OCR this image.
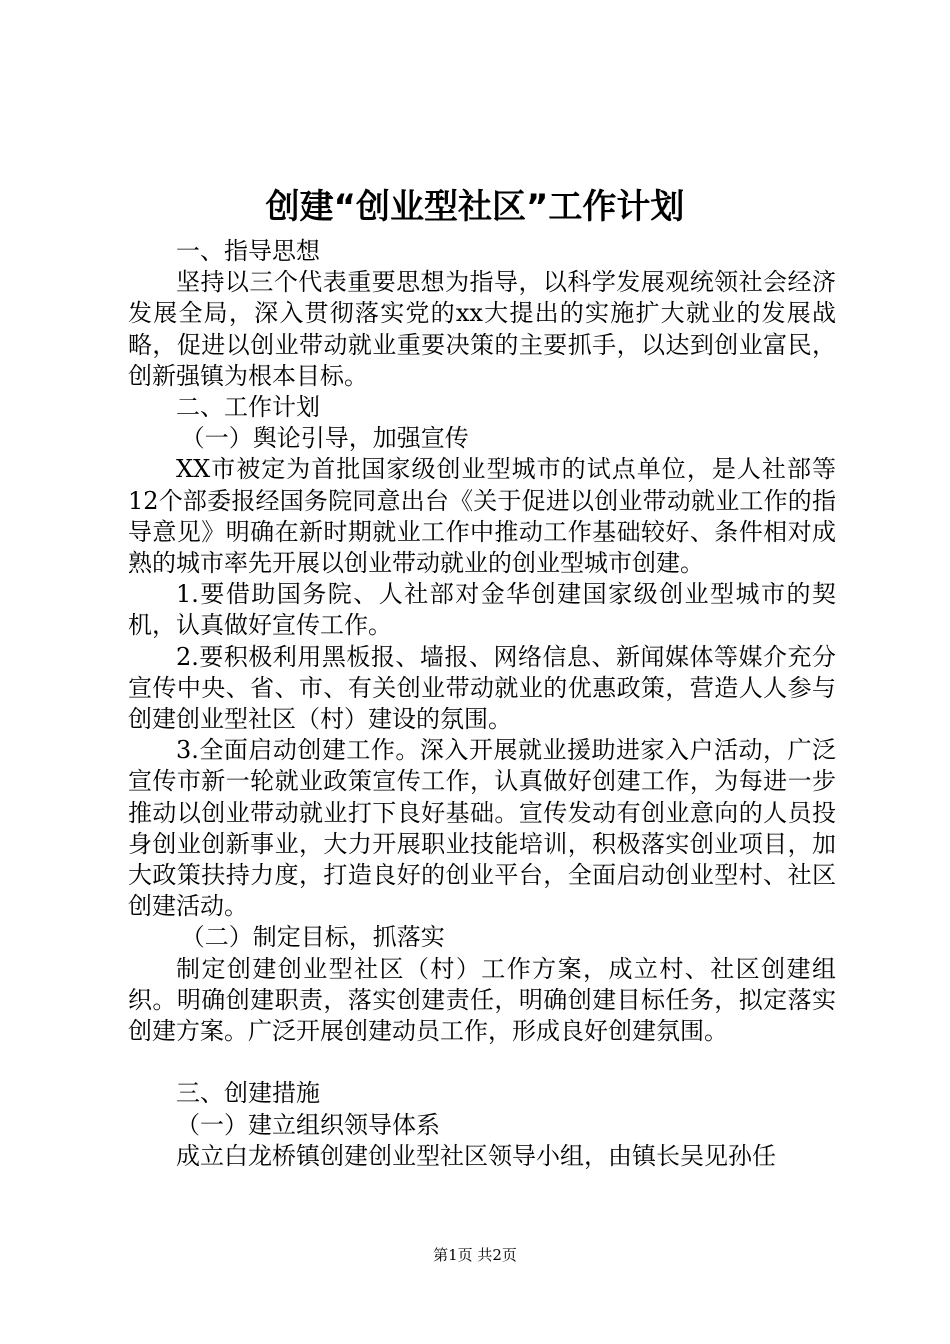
创建“创业型社区”工作计划

一、指导思想

坚持以三个代表重要思想为指导，以科学发展观统领社会经济发展全局，深入贯彻落实党的xx大提出的实施扩大就业的发展战略，促进以创业带动就业重要决策的主要抓手，以达到创业富民，创新强镇为根本目标。

二、工作计划

（一）舆论引导，加强宣传

XX市被定为首批国家级创业型城市的试点单位，是人社部等12个部委报经国务院同意出台《关于促进以创业带动就业工作的指导意见》明确在新时期就业工作中推动工作基础较好、条件相对成熟的城市率先开展以创业带动就业的创业型城市创建。

1.要借助国务院、人社部对金华创建国家级创业型城市的契机，认真做好宣传工作。

2.要积极利用黑板报、墙报、网络信息、新闻媒体等媒介充分宣传中央、省、市、有关创业带动就业的优惠政策，营造人人参与创建创业型社区（村）建设的氛围。

3.全面启动创建工作。深入开展就业援助进家入户活动，广泛宣传市新一轮就业政策宣传工作，认真做好创建工作，为每进一步推动以创业带动就业打下良好基础。宣传发动有创业意向的人员投身创业创新事业，大力开展职业技能培训，积极落实创业项目，加大政策扶持力度，打造良好的创业平台，全面启动创业型村、社区创建活动。

（二）制定目标，抓落实

制定创建创业型社区（村）工作方案，成立村、社区创建组织。明确创建职责，落实创建责任，明确创建目标任务，拟定落实创建方案。广泛开展创建动员工作，形成良好创建氛围。

三、创建措施

（一）建立组织领导体系

成立白龙桥镇创建创业型社区领导小组，由镇长吴见孙任

第1页 共2页
